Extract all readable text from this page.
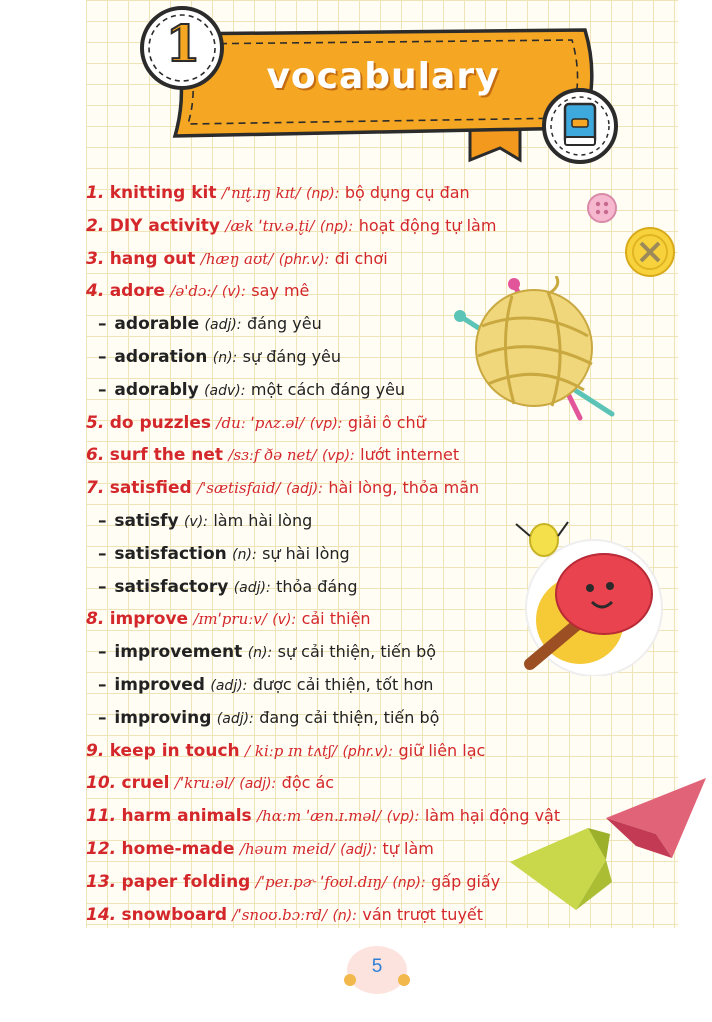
1
vocabulary
1. knitting kit /ˈnɪt̬.ɪŋ kɪt/ (np): bộ dụng cụ đan
2. DIY activity /æk ˈtɪv.ə.t̬i/ (np): hoạt động tự làm
3. hang out /hæŋ aʊt/ (phr.v): đi chơi
4. adore /ə'dɔ:/ (v): say mê
– adorable (adj): đáng yêu
– adoration (n): sự đáng yêu
– adorably (adv): một cách đáng yêu
5. do puzzles /duː ˈpʌz.əl/ (vp): giải ô chữ
6. surf the net /sɜːf ðə net/ (vp): lướt internet
7. satisfied /'sætisfaid/ (adj): hài lòng, thỏa mãn
– satisfy (v): làm hài lòng
– satisfaction (n): sự hài lòng
– satisfactory (adj): thỏa đáng
8. improve /ɪmˈpruːv/ (v): cải thiện
– improvement (n): sự cải thiện, tiến bộ
– improved (adj): được cải thiện, tốt hơn
– improving (adj): đang cải thiện, tiến bộ
9. keep in touch / kiːp ɪn tʌtʃ/ (phr.v): giữ liên lạc
10. cruel /ˈkruːəl/ (adj): độc ác
11. harm animals /hɑːm ˈæn.ɪ.məl/ (vp): làm hại động vật
12. home-made /həum meid/ (adj): tự làm
13. paper folding /ˈpeɪ.pɚ ˈfoʊl.dɪŋ/ (np): gấp giấy
14. snowboard /ˈsnoʊ.bɔːrd/ (n): ván trượt tuyết
5
